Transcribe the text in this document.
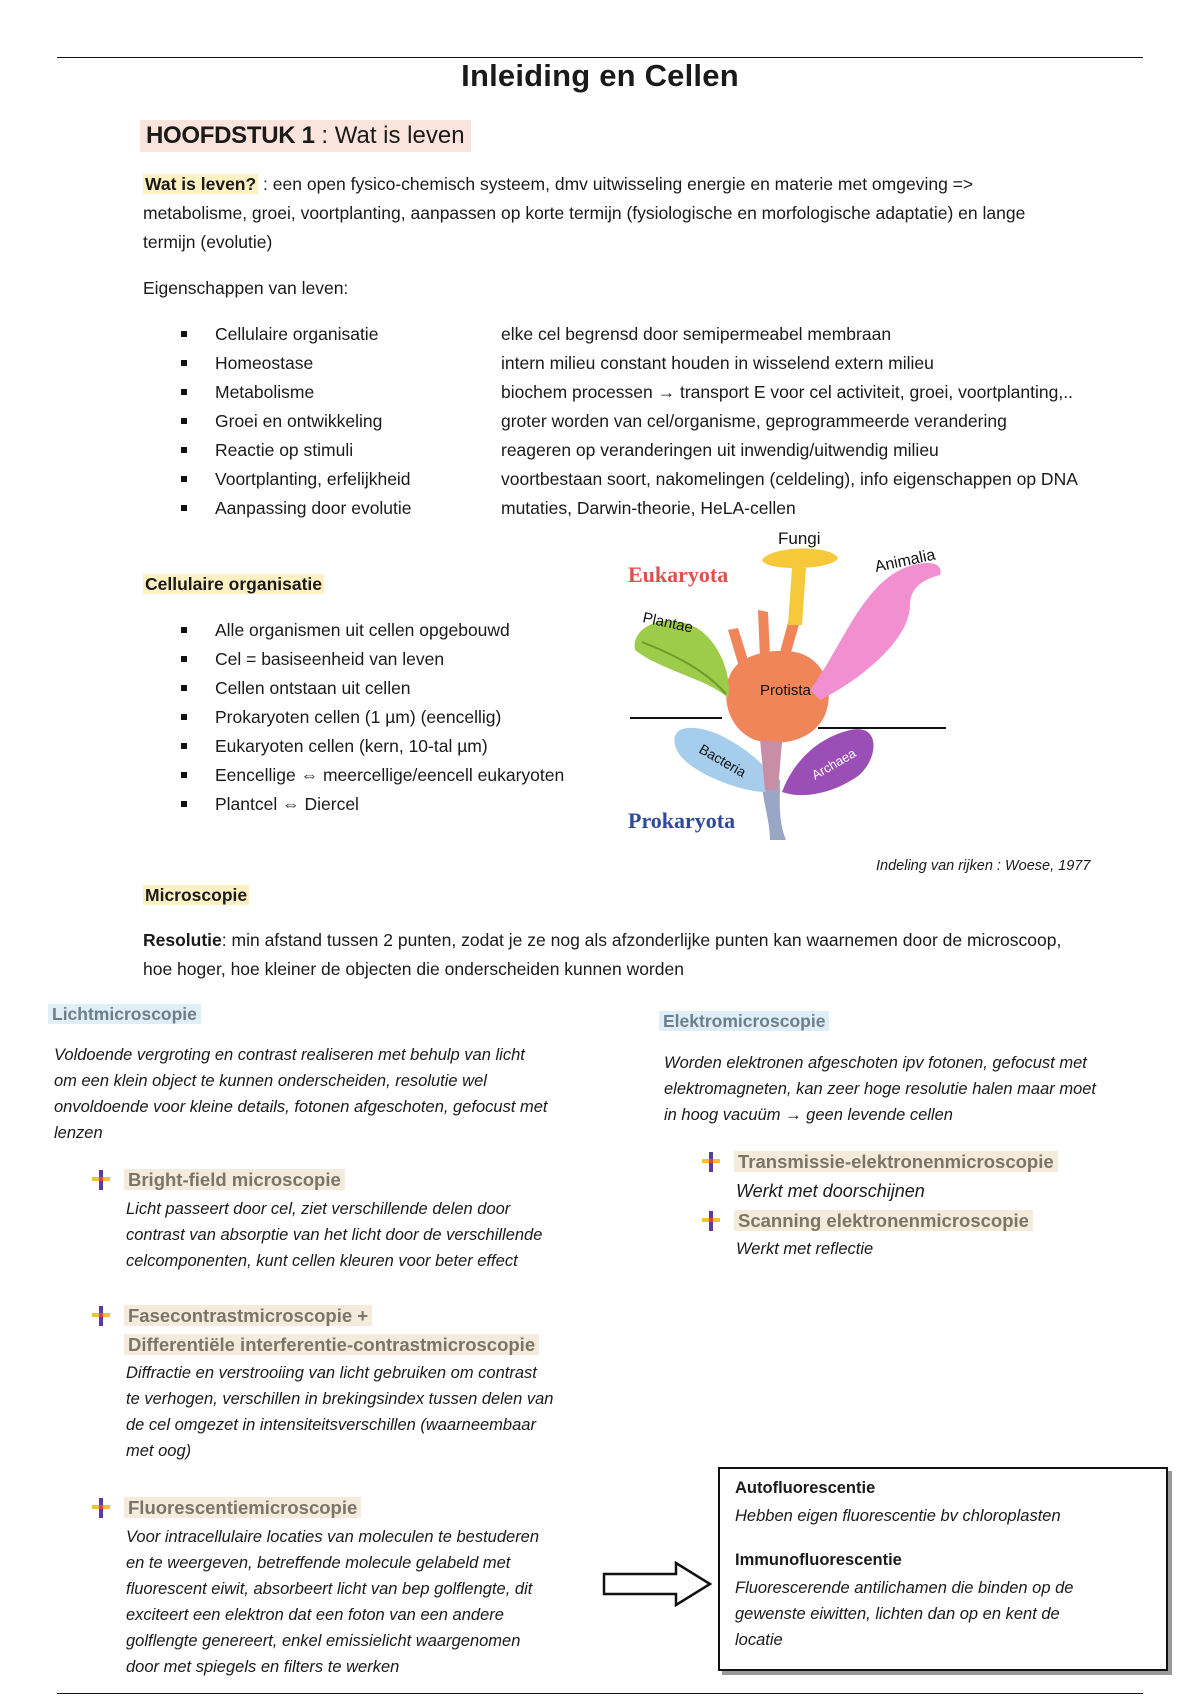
Inleiding en Cellen
HOOFDSTUK 1 : Wat is leven
Wat is leven? : een open fysico-chemisch systeem, dmv uitwisseling energie en materie met omgeving =>
metabolisme, groei, voortplanting, aanpassen op korte termijn (fysiologische en morfologische adaptatie) en lange
termijn (evolutie)
Eigenschappen van leven:
Cellulaire organisatie	elke cel begrensd door semipermeabel membraan
Homeostase	intern milieu constant houden in wisselend extern milieu
Metabolisme	biochem processen → transport E voor cel activiteit, groei, voortplanting,..
Groei en ontwikkeling	groter worden van cel/organisme, geprogrammeerde verandering
Reactie op stimuli	reageren op veranderingen uit inwendig/uitwendig milieu
Voortplanting, erfelijkheid	voortbestaan soort, nakomelingen (celdeling), info eigenschappen op DNA
Aanpassing door evolutie	mutaties, Darwin-theorie, HeLA-cellen
Cellulaire organisatie
Alle organismen uit cellen opgebouwd
Cel = basiseenheid van leven
Cellen ontstaan uit cellen
Prokaryoten cellen (1 µm) (eencellig)
Eukaryoten cellen (kern, 10-tal µm)
Eencellige ⇔ meercellige/eencell eukaryoten
Plantcel ⇔ Diercel
Eukaryota
Prokaryota
Fungi
Animalia
Plantae
Protista
Bacteria	Archaea
Indeling van rijken : Woese, 1977
Microscopie
Resolutie: min afstand tussen 2 punten, zodat je ze nog als afzonderlijke punten kan waarnemen door de microscoop,
hoe hoger, hoe kleiner de objecten die onderscheiden kunnen worden
Lichtmicroscopie
Voldoende vergroting en contrast realiseren met behulp van licht
om een klein object te kunnen onderscheiden, resolutie wel
onvoldoende voor kleine details, fotonen afgeschoten, gefocust met
lenzen
Bright-field microscopie
Licht passeert door cel, ziet verschillende delen door
contrast van absorptie van het licht door de verschillende
celcomponenten, kunt cellen kleuren voor beter effect
Fasecontrastmicroscopie +
Differentiële interferentie-contrastmicroscopie
Diffractie en verstrooiing van licht gebruiken om contrast
te verhogen, verschillen in brekingsindex tussen delen van
de cel omgezet in intensiteitsverschillen (waarneembaar
met oog)
Fluorescentiemicroscopie
Voor intracellulaire locaties van moleculen te bestuderen
en te weergeven, betreffende molecule gelabeld met
fluorescent eiwit, absorbeert licht van bep golflengte, dit
exciteert een elektron dat een foton van een andere
golflengte genereert, enkel emissielicht waargenomen
door met spiegels en filters te werken
Elektromicroscopie
Worden elektronen afgeschoten ipv fotonen, gefocust met
elektromagneten, kan zeer hoge resolutie halen maar moet
in hoog vacuüm → geen levende cellen
Transmissie-elektronenmicroscopie
Werkt met doorschijnen
Scanning elektronenmicroscopie
Werkt met reflectie
Autofluorescentie
Hebben eigen fluorescentie bv chloroplasten
Immunofluorescentie
Fluorescerende antilichamen die binden op de
gewenste eiwitten, lichten dan op en kent de
locatie
